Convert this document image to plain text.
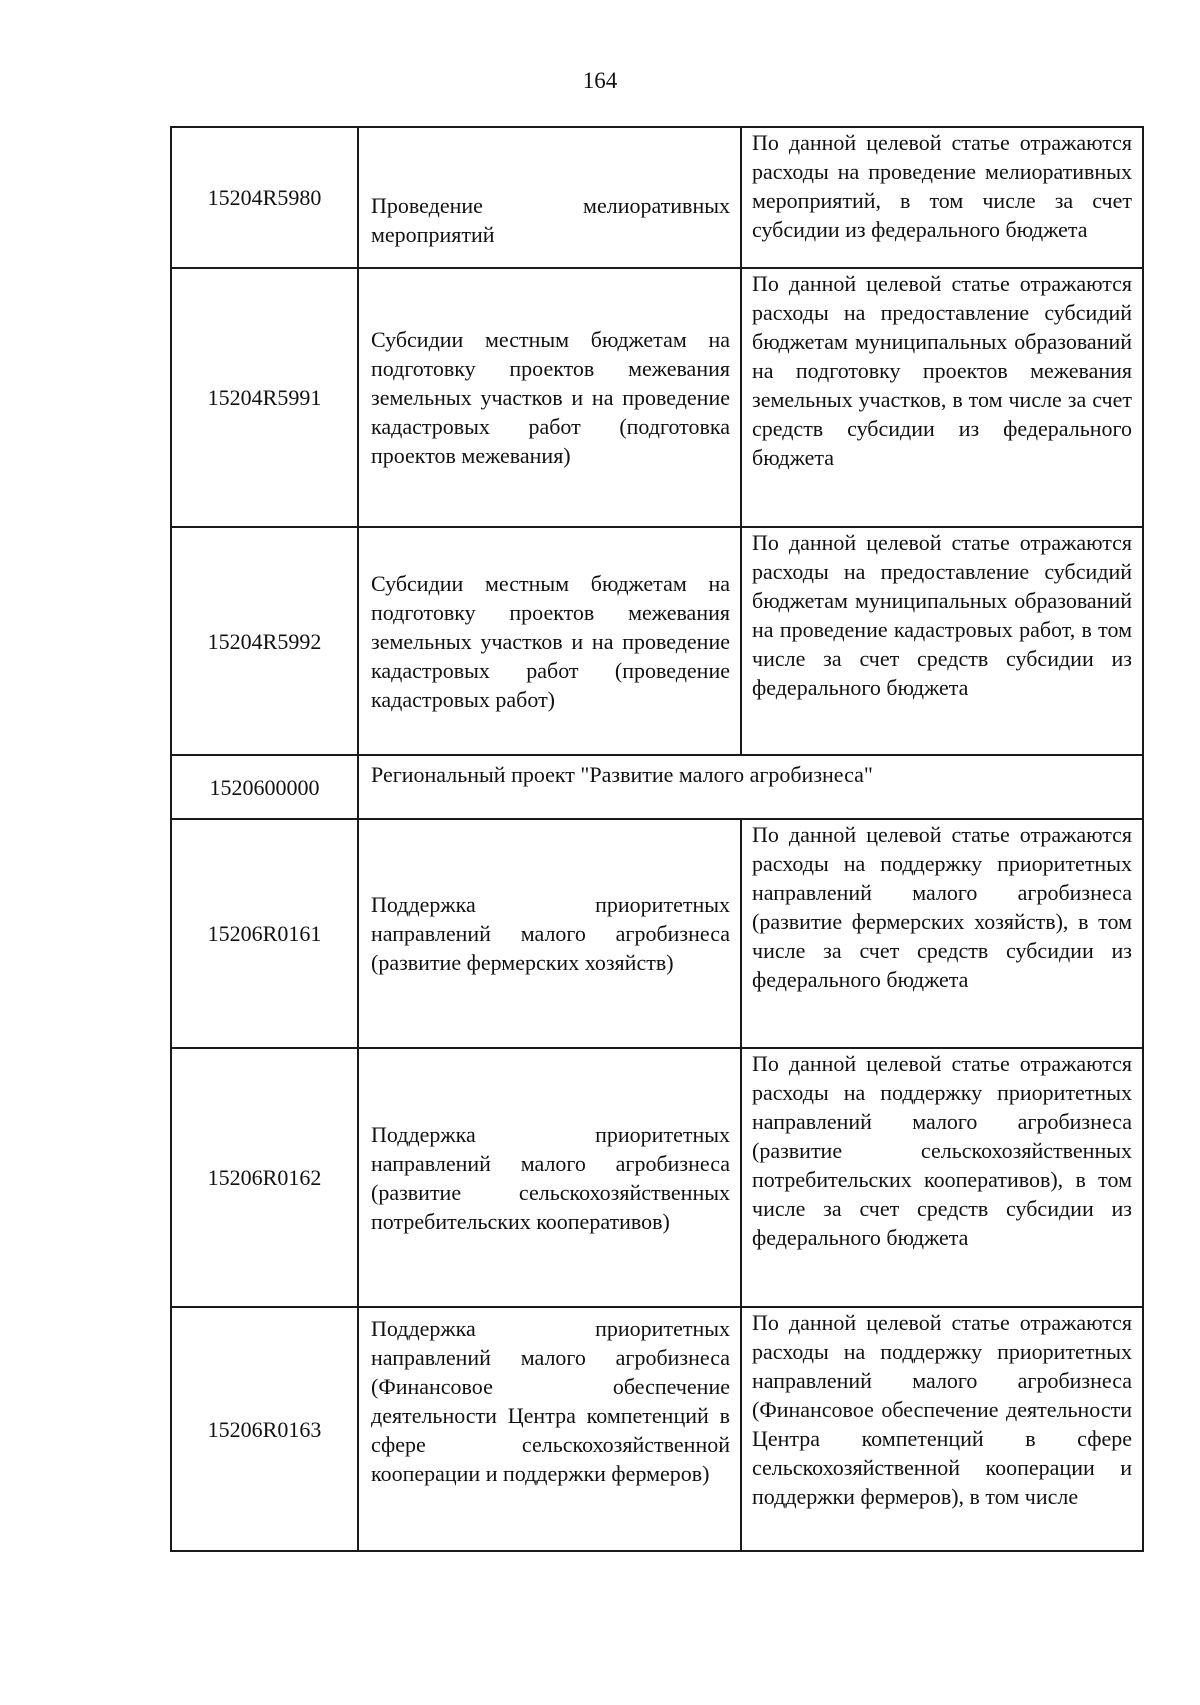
164
15204R5980	Проведение мелиоративных мероприятий	По данной целевой статье отражаются расходы на проведение мелиоративных мероприятий, в том числе за счет субсидии из федерального бюджета
15204R5991	Субсидии местным бюджетам на подготовку проектов межевания земельных участков и на проведение кадастровых работ (подготовка проектов межевания)	По данной целевой статье отражаются расходы на предоставление субсидий бюджетам муниципальных образований на подготовку проектов межевания земельных участков, в том числе за счет средств субсидии из федерального бюджета
15204R5992	Субсидии местным бюджетам на подготовку проектов межевания земельных участков и на проведение кадастровых работ (проведение кадастровых работ)	По данной целевой статье отражаются расходы на предоставление субсидий бюджетам муниципальных образований на проведение кадастровых работ, в том числе за счет средств субсидии из федерального бюджета
1520600000	Региональный проект "Развитие малого агробизнеса"	
15206R0161	Поддержка приоритетных направлений малого агробизнеса (развитие фермерских хозяйств)	По данной целевой статье отражаются расходы на поддержку приоритетных направлений малого агробизнеса (развитие фермерских хозяйств), в том числе за счет средств субсидии из федерального бюджета
15206R0162	Поддержка приоритетных направлений малого агробизнеса (развитие сельскохозяйственных потребительских кооперативов)	По данной целевой статье отражаются расходы на поддержку приоритетных направлений малого агробизнеса (развитие сельскохозяйственных потребительских кооперативов), в том числе за счет средств субсидии из федерального бюджета
15206R0163	Поддержка приоритетных направлений малого агробизнеса (Финансовое обеспечение деятельности Центра компетенций в сфере сельскохозяйственной кооперации и поддержки фермеров)	По данной целевой статье отражаются расходы на поддержку приоритетных направлений малого агробизнеса (Финансовое обеспечение деятельности Центра компетенций в сфере сельскохозяйственной кооперации и поддержки фермеров), в том числе
